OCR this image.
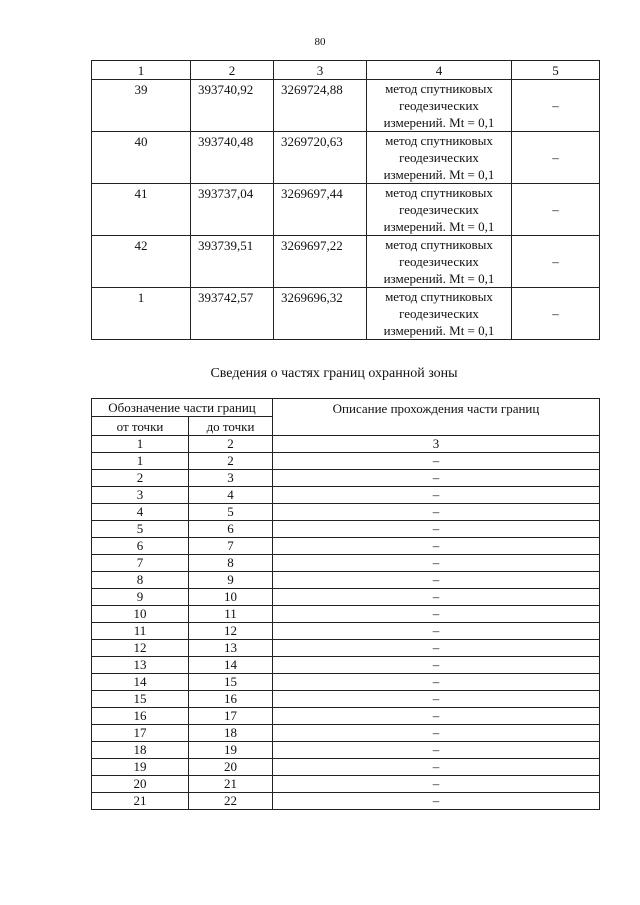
80
1	2	3	4	5
39	393740,92	3269724,88	метод спутниковых
геодезических
измерений. Mt = 0,1	–
40	393740,48	3269720,63	метод спутниковых
геодезических
измерений. Mt = 0,1	–
41	393737,04	3269697,44	метод спутниковых
геодезических
измерений. Mt = 0,1	–
42	393739,51	3269697,22	метод спутниковых
геодезических
измерений. Mt = 0,1	–
1	393742,57	3269696,32	метод спутниковых
геодезических
измерений. Mt = 0,1	–
Сведения о частях границ охранной зоны
Обозначение части границ		Описание прохождения части границ
от точки	до точки	
1	2	3
1	2	–
2	3	–
3	4	–
4	5	–
5	6	–
6	7	–
7	8	–
8	9	–
9	10	–
10	11	–
11	12	–
12	13	–
13	14	–
14	15	–
15	16	–
16	17	–
17	18	–
18	19	–
19	20	–
20	21	–
21	22	–
